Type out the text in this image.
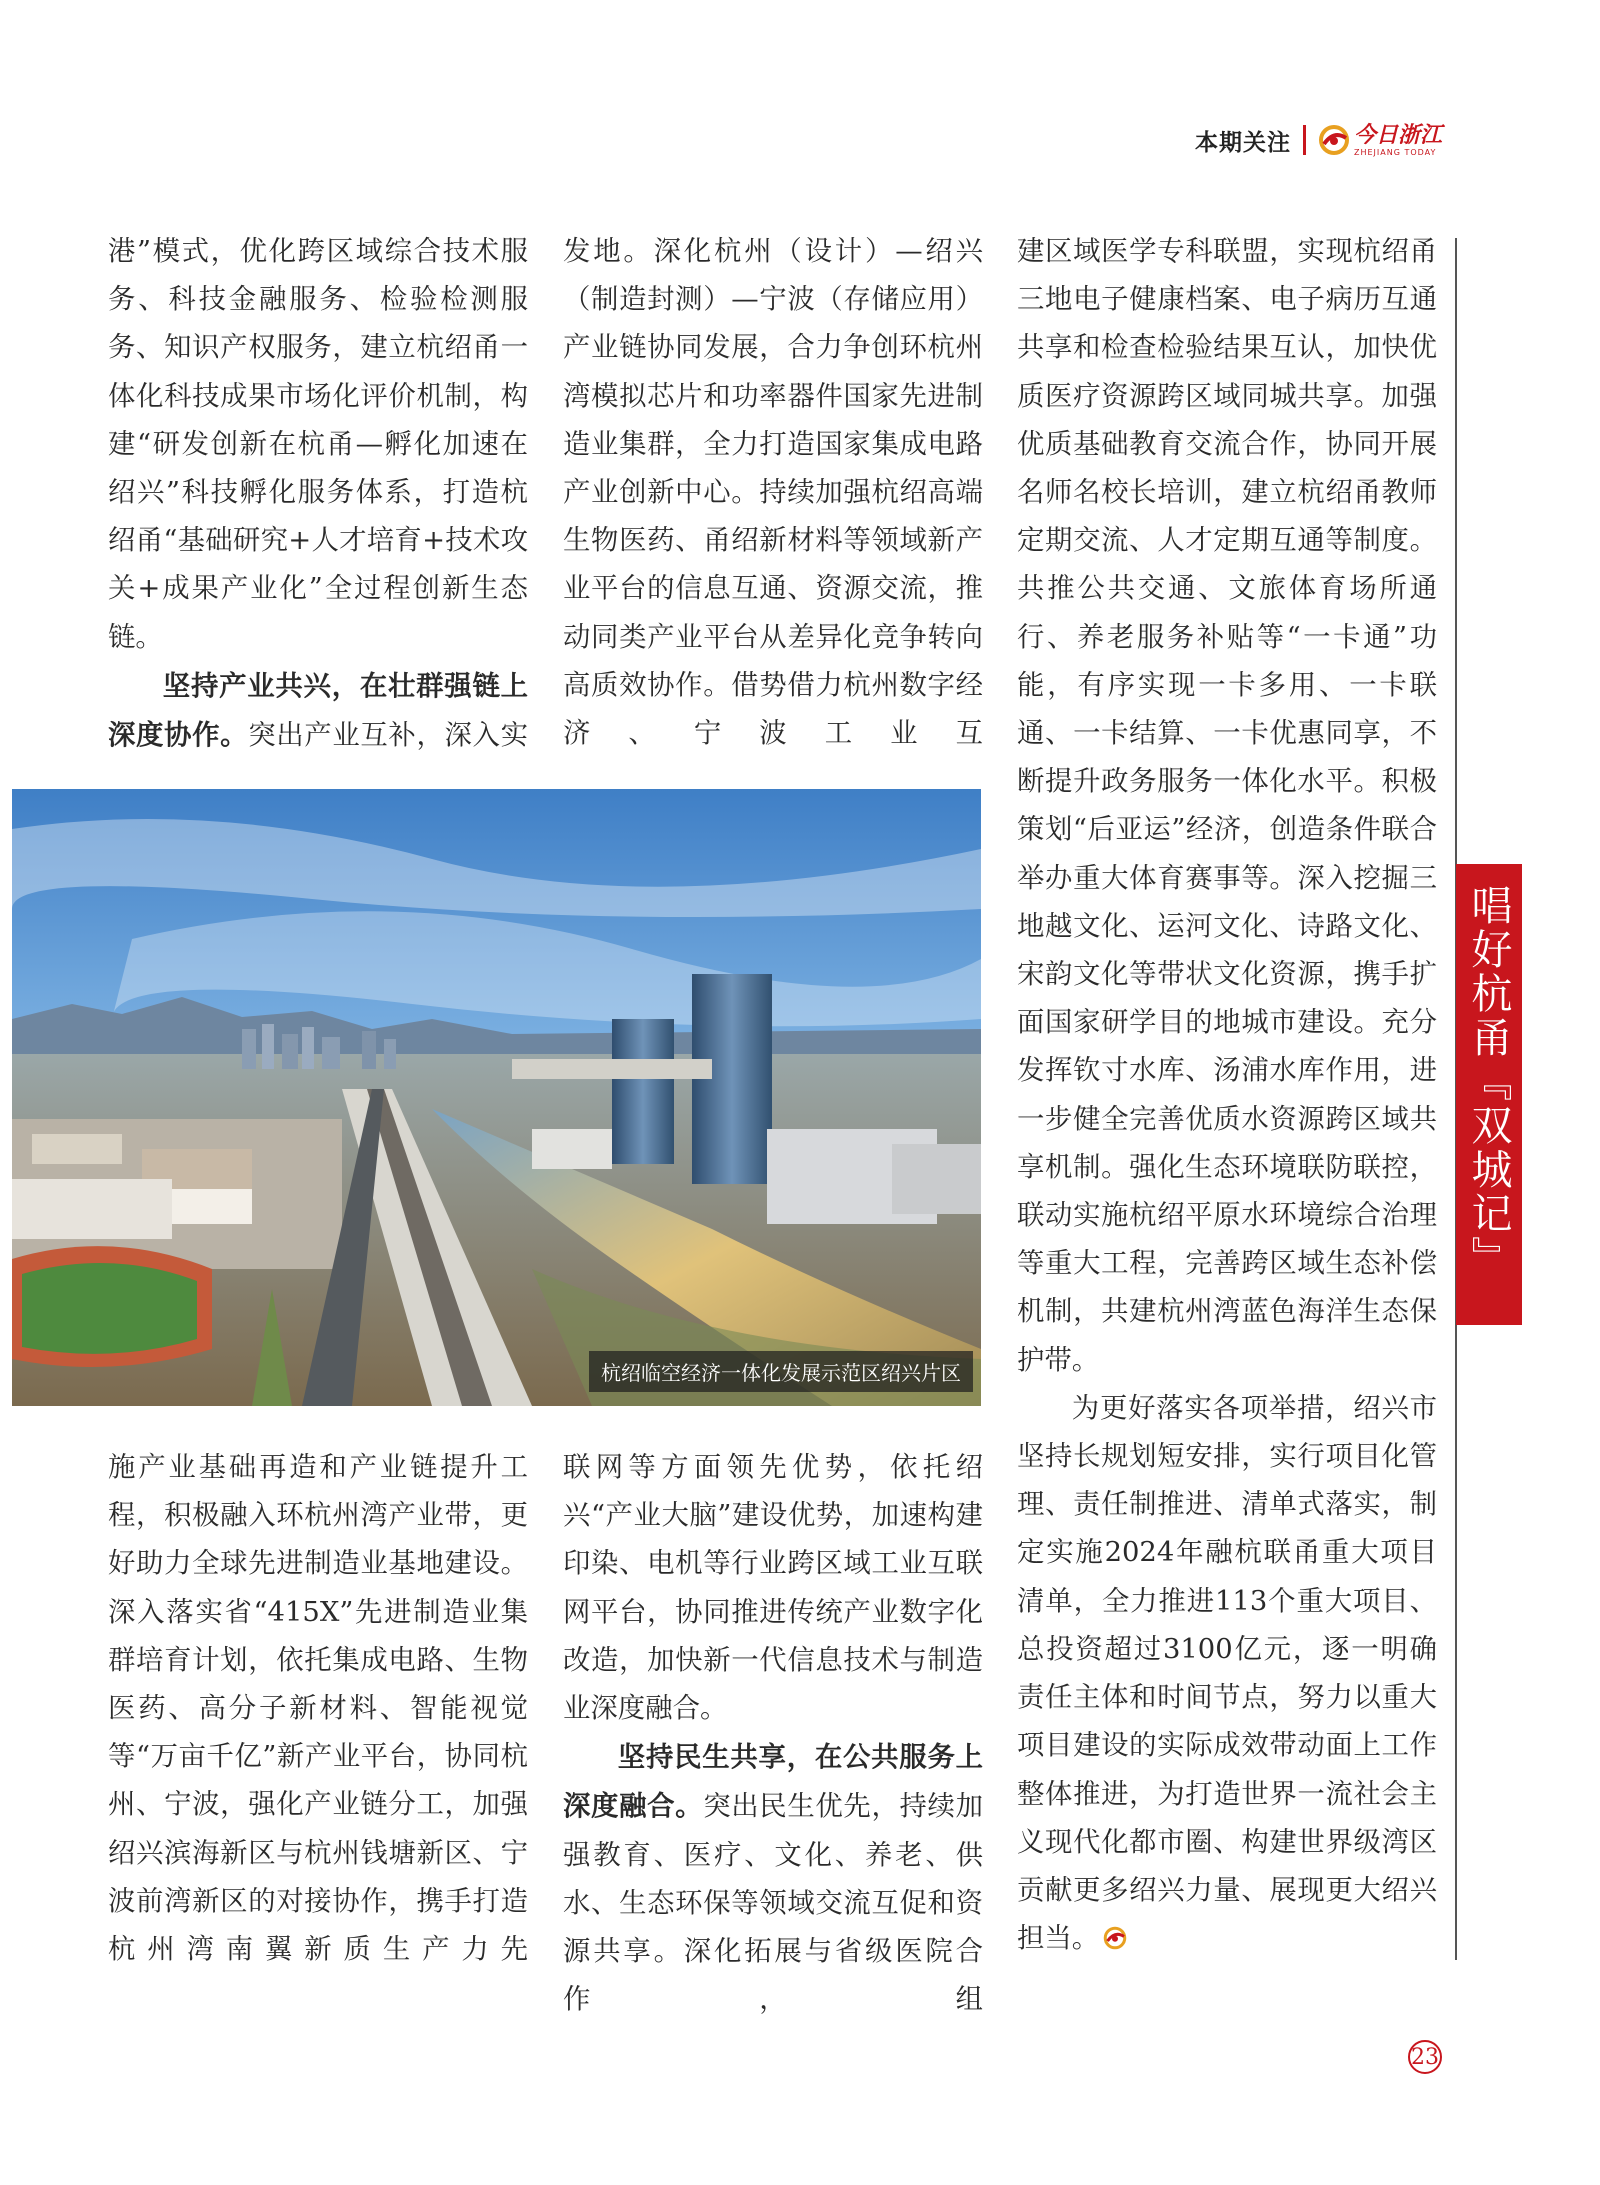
本期关注	今日浙江
ZHEJIANG TODAY

港”模式，优化跨区域综合技术服务、科技金融服务、检验检测服务、知识产权服务，建立杭绍甬一体化科技成果市场化评价机制，构建“研发创新在杭甬—孵化加速在绍兴”科技孵化服务体系，打造杭绍甬“基础研究+人才培育+技术攻关+成果产业化”全过程创新生态链。

坚持产业共兴，在壮群强链上深度协作。突出产业互补，深入实

发地。深化杭州（设计）—绍兴（制造封测）—宁波（存储应用）产业链协同发展，合力争创环杭州湾模拟芯片和功率器件国家先进制造业集群，全力打造国家集成电路产业创新中心。持续加强杭绍高端生物医药、甬绍新材料等领域新产业平台的信息互通、资源交流，推动同类产业平台从差异化竞争转向高质效协作。借势借力杭州数字经济、宁波工业互

建区域医学专科联盟，实现杭绍甬三地电子健康档案、电子病历互通共享和检查检验结果互认，加快优质医疗资源跨区域同城共享。加强优质基础教育交流合作，协同开展名师名校长培训，建立杭绍甬教师定期交流、人才定期互通等制度。共推公共交通、文旅体育场所通行、养老服务补贴等“一卡通”功能，有序实现一卡多用、一卡联通、一卡结算、一卡优惠同享，不断提升政务服务一体化水平。积极策划“后亚运”经济，创造条件联合举办重大体育赛事等。深入挖掘三地越文化、运河文化、诗路文化、宋韵文化等带状文化资源，携手扩面国家研学目的地城市建设。充分发挥钦寸水库、汤浦水库作用，进一步健全完善优质水资源跨区域共享机制。强化生态环境联防联控，联动实施杭绍平原水环境综合治理等重大工程，完善跨区域生态补偿机制，共建杭州湾蓝色海洋生态保护带。

为更好落实各项举措，绍兴市坚持长规划短安排，实行项目化管理、责任制推进、清单式落实，制定实施2024年融杭联甬重大项目清单，全力推进113个重大项目、总投资超过3100亿元，逐一明确责任主体和时间节点，努力以重大项目建设的实际成效带动面上工作整体推进，为打造世界一流社会主义现代化都市圈、构建世界级湾区贡献更多绍兴力量、展现更大绍兴担当。

施产业基础再造和产业链提升工程，积极融入环杭州湾产业带，更好助力全球先进制造业基地建设。深入落实省“415X”先进制造业集群培育计划，依托集成电路、生物医药、高分子新材料、智能视觉等“万亩千亿”新产业平台，协同杭州、宁波，强化产业链分工，加强绍兴滨海新区与杭州钱塘新区、宁波前湾新区的对接协作，携手打造杭州湾南翼新质生产力先

联网等方面领先优势，依托绍兴“产业大脑”建设优势，加速构建印染、电机等行业跨区域工业互联网平台，协同推进传统产业数字化改造，加快新一代信息技术与制造业深度融合。

坚持民生共享，在公共服务上深度融合。突出民生优先，持续加强教育、医疗、文化、养老、供水、生态环保等领域交流互促和资源共享。深化拓展与省级医院合作，组

唱好杭甬『双城记』
杭绍临空经济一体化发展示范区绍兴片区
23
